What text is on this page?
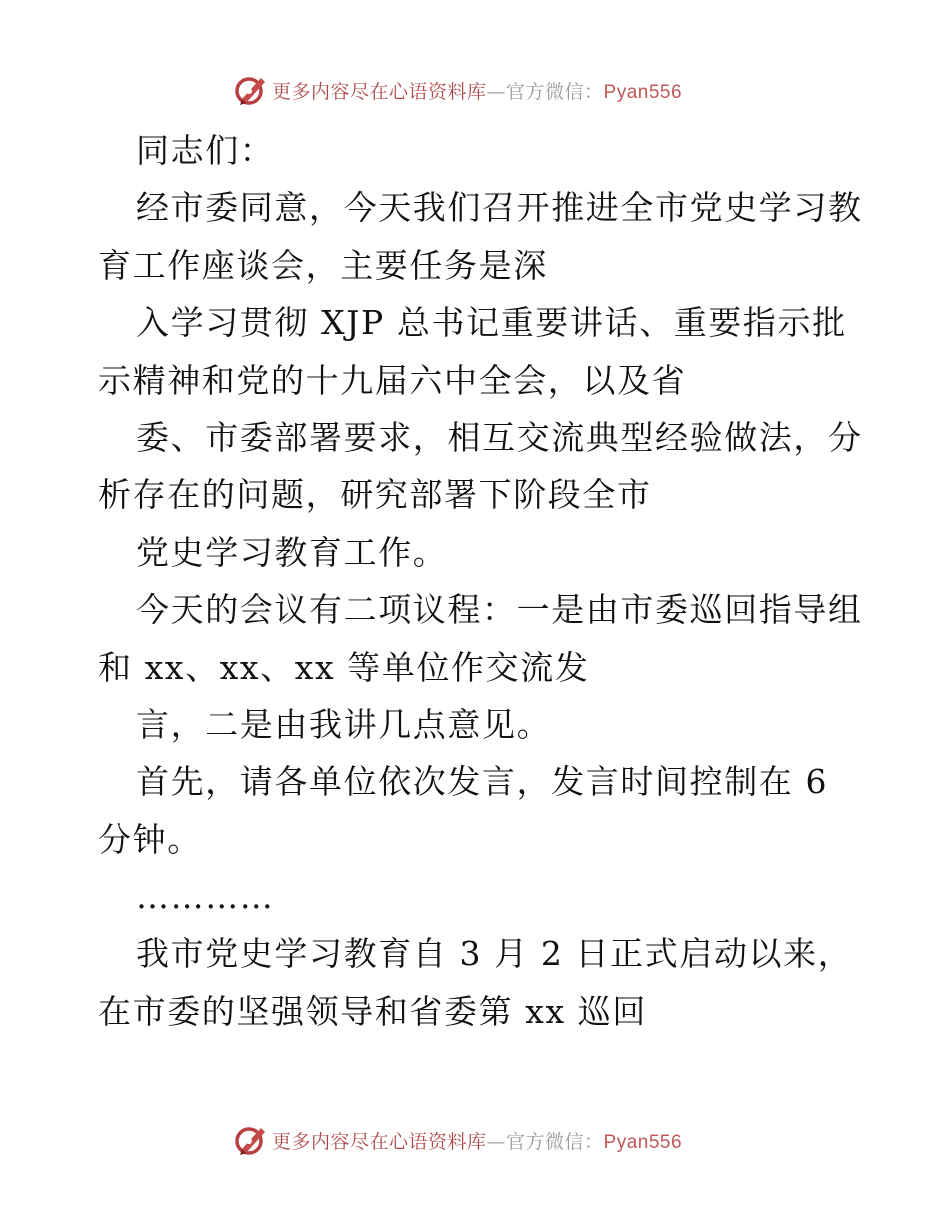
更多内容尽在心语资料库—官方微信：Pyan556
同志们：
经市委同意，今天我们召开推进全市党史学习教
育工作座谈会，主要任务是深
入学习贯彻 XJP 总书记重要讲话、重要指示批
示精神和党的十九届六中全会，以及省
委、市委部署要求，相互交流典型经验做法，分
析存在的问题，研究部署下阶段全市
党史学习教育工作。
今天的会议有二项议程：一是由市委巡回指导组
和 xx、xx、xx 等单位作交流发
言，二是由我讲几点意见。
首先，请各单位依次发言，发言时间控制在 6
分钟。
…………
我市党史学习教育自 3 月 2 日正式启动以来，
在市委的坚强领导和省委第 xx 巡回
更多内容尽在心语资料库—官方微信：Pyan556
